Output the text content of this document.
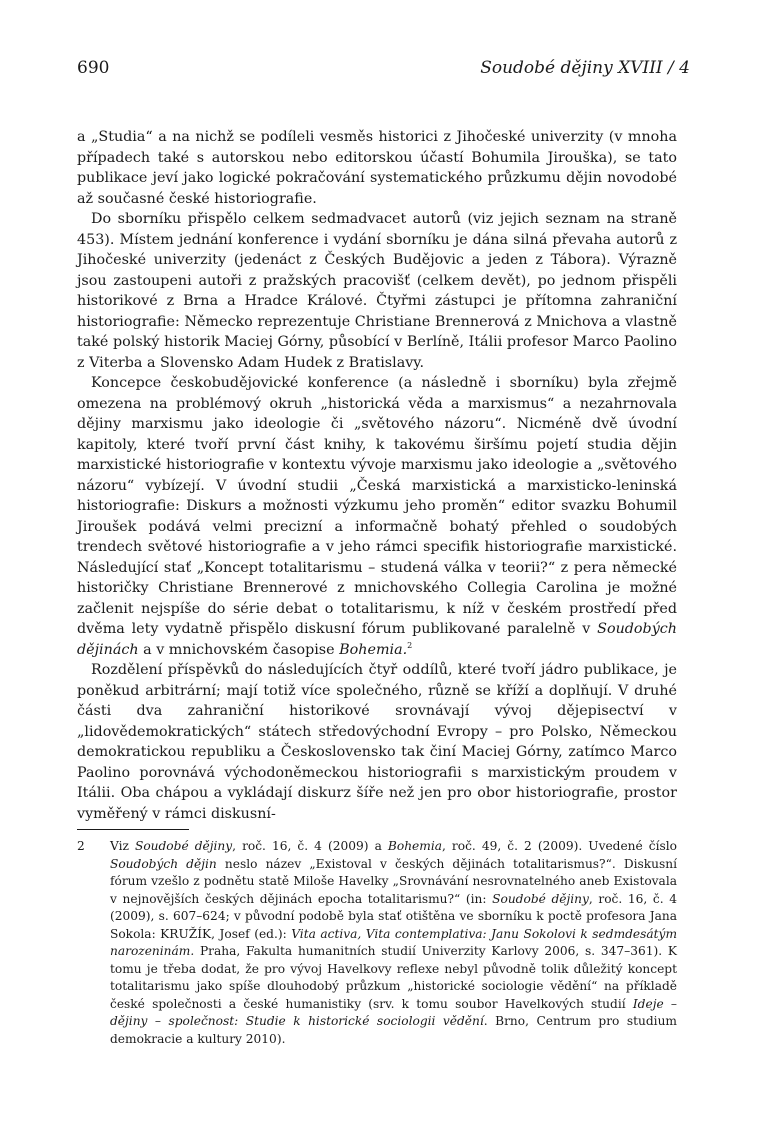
690	Soudobé dějiny XVIII / 4

a „Studia“ a na nichž se podíleli vesměs historici z Jihočeské univerzity (v mnoha případech také s autorskou nebo editorskou účastí Bohumila Jirouška), se tato publikace jeví jako logické pokračování systematického průzkumu dějin novodobé až současné české historiografie.

Do sborníku přispělo celkem sedmadvacet autorů (viz jejich seznam na straně 453). Místem jednání konference i vydání sborníku je dána silná převaha autorů z Jihočeské univerzity (jedenáct z Českých Budějovic a jeden z Tábora). Výrazně jsou zastoupeni autoři z pražských pracovišť (celkem devět), po jednom přispěli historikové z Brna a Hradce Králové. Čtyřmi zástupci je přítomna zahraniční historiografie: Německo reprezentuje Christiane Brennerová z Mnichova a vlastně také polský historik Maciej Górny, působící v Berlíně, Itálii profesor Marco Paolino z Viterba a Slovensko Adam Hudek z Bratislavy.

Koncepce českobudějovické konference (a následně i sborníku) byla zřejmě omezena na problémový okruh „historická věda a marxismus“ a nezahrnovala dějiny marxismu jako ideologie či „světového názoru“. Nicméně dvě úvodní kapitoly, které tvoří první část knihy, k takovému širšímu pojetí studia dějin marxistické historiografie v kontextu vývoje marxismu jako ideologie a „světového názoru“ vybízejí. V úvodní studii „Česká marxistická a marxisticko-leninská historiografie: Diskurs a možnosti výzkumu jeho proměn“ editor svazku Bohumil Jiroušek podává velmi precizní a informačně bohatý přehled o soudobých trendech světové historiografie a v jeho rámci specifik historiografie marxistické. Následující stať „Koncept totalitarismu – studená válka v teorii?“ z pera německé historičky Christiane Brennerové z mnichovského Collegia Carolina je možné začlenit nejspíše do série debat o totalitarismu, k níž v českém prostředí před dvěma lety vydatně přispělo diskusní fórum publikované paralelně v Soudobých dějinách a v mnichovském časopise Bohemia.$^2$

Rozdělení příspěvků do následujících čtyř oddílů, které tvoří jádro publikace, je poněkud arbitrární; mají totiž více společného, různě se kříží a doplňují. V druhé části dva zahraniční historikové srovnávají vývoj dějepisectví v „lidovědemokratických“ státech středovýchodní Evropy – pro Polsko, Německou demokratickou republiku a Československo tak činí Maciej Górny, zatímco Marco Paolino porovnává východoněmeckou historiografii s marxistickým proudem v Itálii. Oba chápou a vykládají diskurz šíře než jen pro obor historiografie, prostor vyměřený v rámci diskusní-

2 Viz Soudobé dějiny, roč. 16, č. 4 (2009) a Bohemia, roč. 49, č. 2 (2009). Uvedené číslo Soudobých dějin neslo název „Existoval v českých dějinách totalitarismus?“. Diskusní fórum vzešlo z podnětu statě Miloše Havelky „Srovnávání nesrovnatelného aneb Existovala v nejnovějších českých dějinách epocha totalitarismu?“ (in: Soudobé dějiny, roč. 16, č. 4 (2009), s. 607–624; v původní podobě byla stať otištěna ve sborníku k poctě profesora Jana Sokola: KRUŽÍK, Josef (ed.): Vita activa, Vita contemplativa: Janu Sokolovi k sedmdesátým narozeninám. Praha, Fakulta humanitních studií Univerzity Karlovy 2006, s. 347–361). K tomu je třeba dodat, že pro vývoj Havelkovy reflexe nebyl původně tolik důležitý koncept totalitarismu jako spíše dlouhodobý průzkum „historické sociologie vědění“ na příkladě české společnosti a české humanistiky (srv. k tomu soubor Havelkových studií Ideje – dějiny – společnost: Studie k historické sociologii vědění. Brno, Centrum pro studium demokracie a kultury 2010).
